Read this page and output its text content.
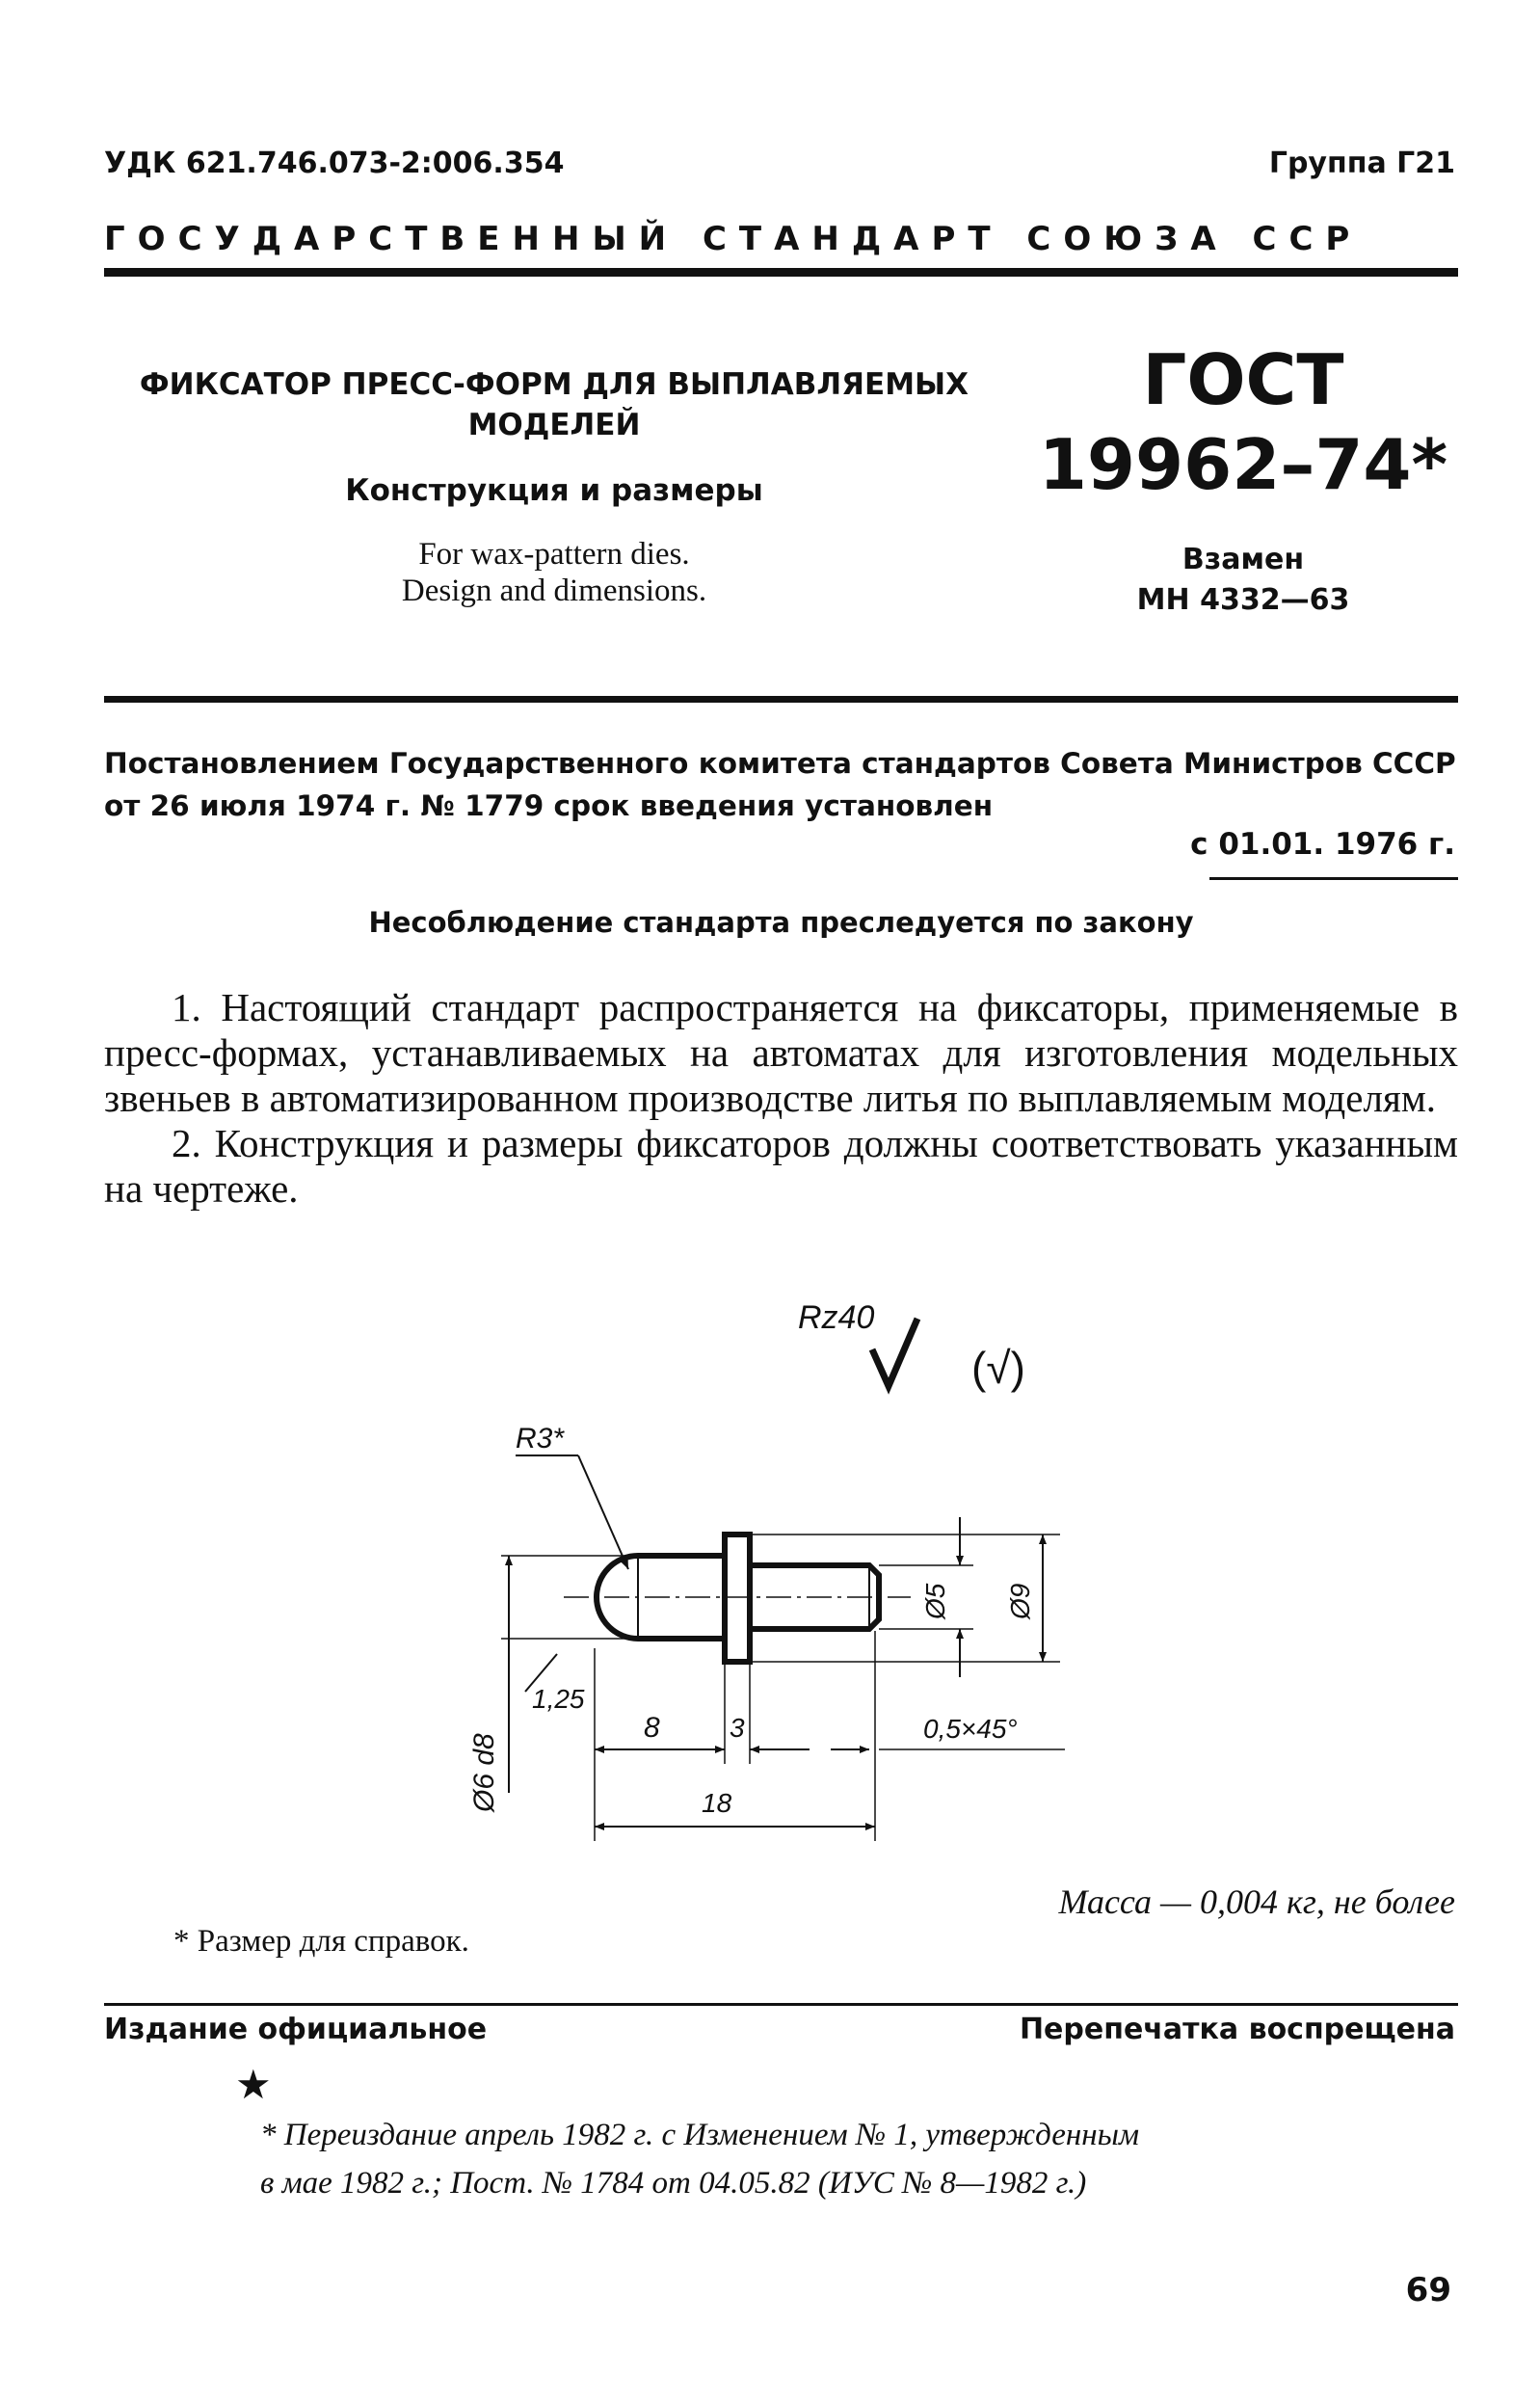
УДК 621.746.073-2:006.354	Группа Г21
ГОСУДАРСТВЕННЫЙ СТАНДАРТ СОЮЗА ССР
ФИКСАТОР ПРЕСС-ФОРМ ДЛЯ ВЫПЛАВЛЯЕМЫХ
МОДЕЛЕЙ
Конструкция и размеры
For wax-pattern dies.
Design and dimensions.
ГОСТ
19962–74*
Взамен
МН 4332—63
Постановлением Государственного комитета стандартов Совета Министров СССР
от 26 июля 1974 г. № 1779 срок введения установлен
с 01.01. 1976 г.
Несоблюдение стандарта преследуется по закону

1. Настоящий стандарт распространяется на фиксаторы, применяемые в пресс-формах, устанавливаемых на автоматах для изготовления модельных звеньев в автоматизированном производстве литья по выплавляемым моделям.

2. Конструкция и размеры фиксаторов должны соответствовать указанным на чертеже.

Rz40
(√)
R3*
Ø6 d8
1,25
Ø5 Ø9
8	3	0,5×45°
18
Масса — 0,004 кг, не более
* Размер для справок.
Издание официальное	Перепечатка воспрещена
★
* Переиздание апрель 1982 г. с Изменением № 1, утвержденным
в мае 1982 г.; Пост. № 1784 от 04.05.82 (ИУС № 8—1982 г.)
69
